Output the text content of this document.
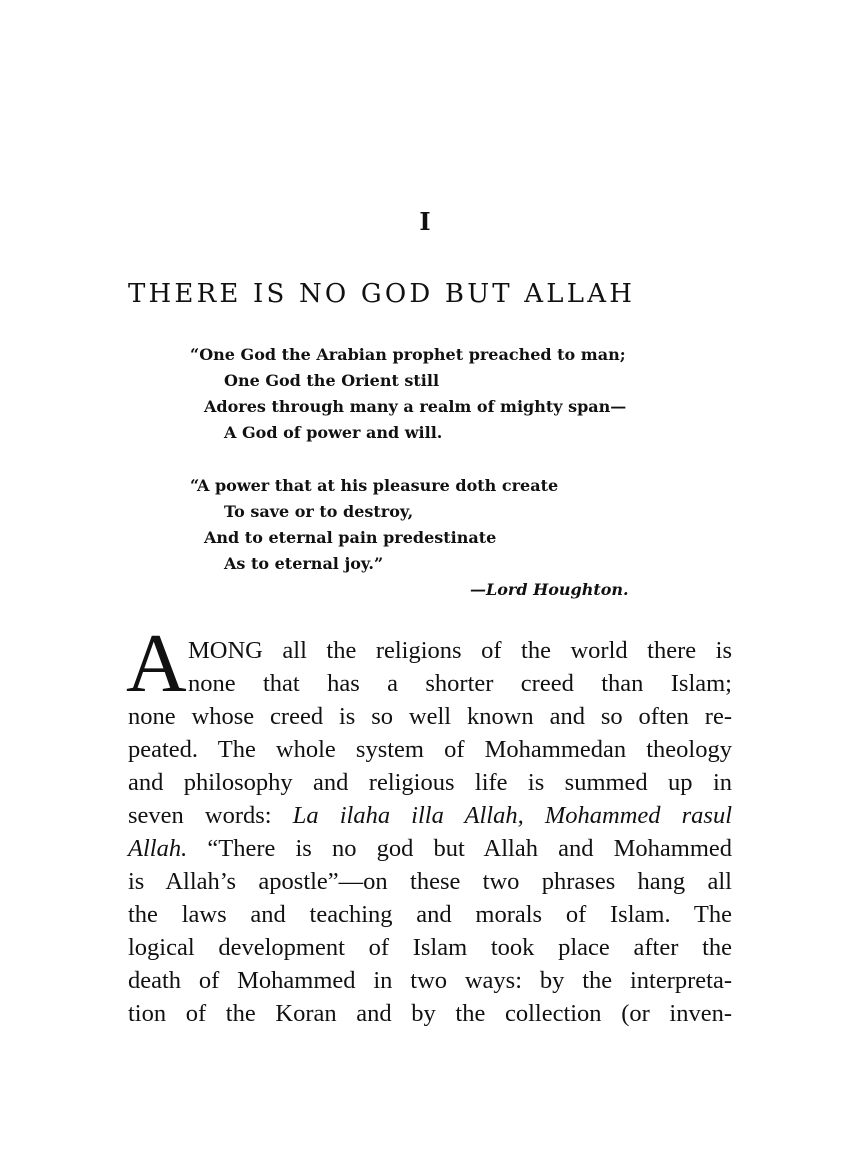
I
THERE IS NO GOD BUT ALLAH
“One God the Arabian prophet preached to man;
One God the Orient still
Adores through many a realm of mighty span—
A God of power and will.
“A power that at his pleasure doth create
To save or to destroy,
And to eternal pain predestinate
As to eternal joy.”
—Lord Houghton.
A MONG all the religions of the world there is
none that has a shorter creed than Islam;
none whose creed is so well known and so often re-
peated. The whole system of Mohammedan theology
and philosophy and religious life is summed up in
seven words: La ilaha illa Allah, Mohammed rasul
Allah. “There is no god but Allah and Mohammed
is Allah’s apostle”—on these two phrases hang all
the laws and teaching and morals of Islam. The
logical development of Islam took place after the
death of Mohammed in two ways: by the interpreta-
tion of the Koran and by the collection (or inven-
